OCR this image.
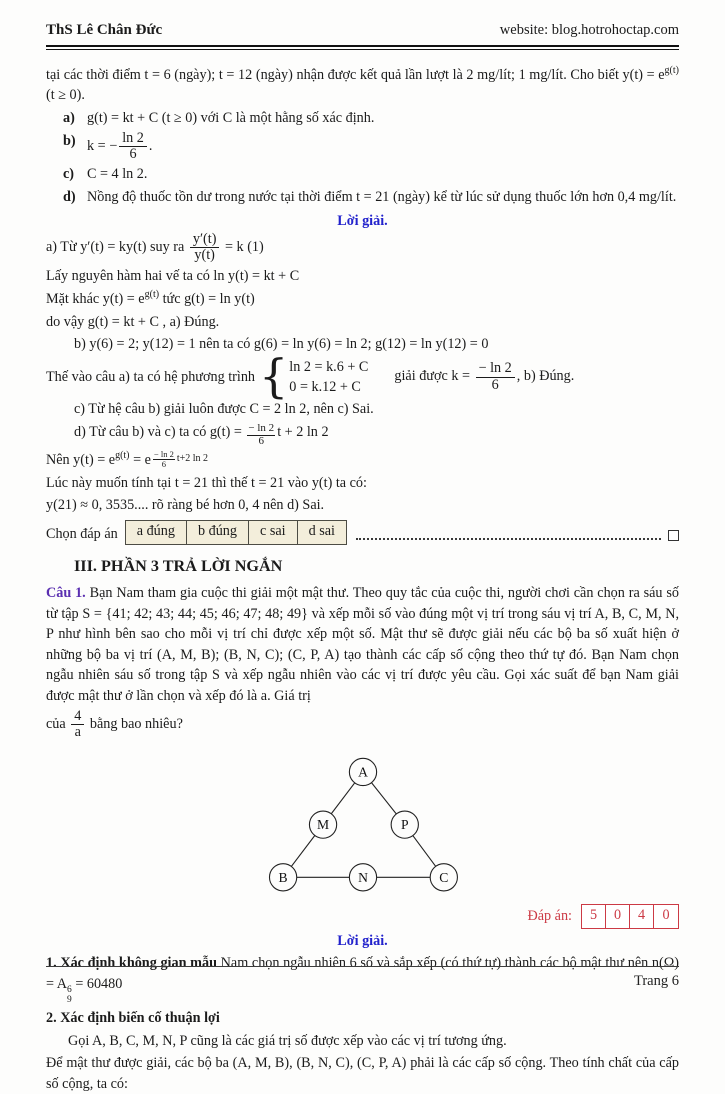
ThS Lê Chân Đức	website: blog.hotrohoctap.com

tại các thời điểm t = 6 (ngày); t = 12 (ngày) nhận được kết quả lần lượt là 2 mg/lít; 1 mg/lít. Cho biết $y(t) = e^{g(t)}$ (t ≥ 0).

a) g(t) = kt + C (t ≥ 0) với C là một hằng số xác định.
b) k = − $\frac{\ln 2}{6}$ .
c) C = 4 ln 2.
d) Nồng độ thuốc tồn dư trong nước tại thời điểm t = 21 (ngày) kể từ lúc sử dụng thuốc lớn hơn 0,4 mg/lít.
Lời giải.
a) Từ y′(t) = ky(t) suy ra $\frac{y'(t)}{y(t)} = k$ (1)
Lấy nguyên hàm hai vế ta có ln y(t) = kt + C
Mặt khác $y(t) = e^{g(t)}$ tức g(t) = ln y(t)
do vậy g(t) = kt + C , a) Đúng.
b) y(6) = 2; y(12) = 1 nên ta có g(6) = ln y(6) = ln 2; g(12) = ln y(12) = 0
Thế vào câu a) ta có hệ phương trình { ln 2 = k.6 + C
0 = k.12 + C
giải được $k = \frac{- \ln 2}{6}$ , b) Đúng.
c) Từ hệ câu b) giải luôn được C = 2 ln 2, nên c) Sai.
d) Từ câu b) và c) ta có $g(t) = \frac{- \ln 2}{6}$ t + 2 ln 2
Nên $y(t) = e^{g(t)} = e \frac{- \ln 2}{6} t+2$ ln 2
Lúc này muốn tính tại t = 21 thì thế t = 21 vào y(t) ta có:
y(21) ≈ 0, 3535.... rõ ràng bé hơn 0, 4 nên d) Sai.
Chọn đáp án	a đúng	b đúng	c sai	d sai
III. PHẦN 3 TRẢ LỜI NGẮN

Câu 1. Bạn Nam tham gia cuộc thi giải một mật thư. Theo quy tắc của cuộc thi, người chơi cần chọn ra sáu số từ tập S = {41; 42; 43; 44; 45; 46; 47; 48; 49} và xếp mỗi số vào đúng một vị trí trong sáu vị trí A, B, C, M, N, P như hình bên sao cho mỗi vị trí chỉ được xếp một số. Mật thư sẽ được giải nếu các bộ ba số xuất hiện ở những bộ ba vị trí (A, M, B); (B, N, C); (C, P, A) tạo thành các cấp số cộng theo thứ tự đó. Bạn Nam chọn ngẫu nhiên sáu số trong tập S và xếp ngẫu nhiên vào các vị trí được yêu cầu. Gọi xác suất để bạn Nam giải được mật thư ở lần chọn và xếp đó là a. Giá trị

của $\frac{4}{a}$ bằng bao nhiêu?
A
M	P
B	N	C
Đáp án:	5	0	4	0
Lời giải.

1. Xác định không gian mẫu Nam chọn ngẫu nhiên 6 số và sắp xếp (có thứ tự) thành các bộ mật thư nên n(Ω) = A 6
9
= 60480

2. Xác định biến cố thuận lợi
Gọi A, B, C, M, N, P cũng là các giá trị số được xếp vào các vị trí tương ứng.

Để mật thư được giải, các bộ ba (A, M, B), (B, N, C), (C, P, A) phải là các cấp số cộng. Theo tính chất của cấp số cộng, ta có:

Trang 6
